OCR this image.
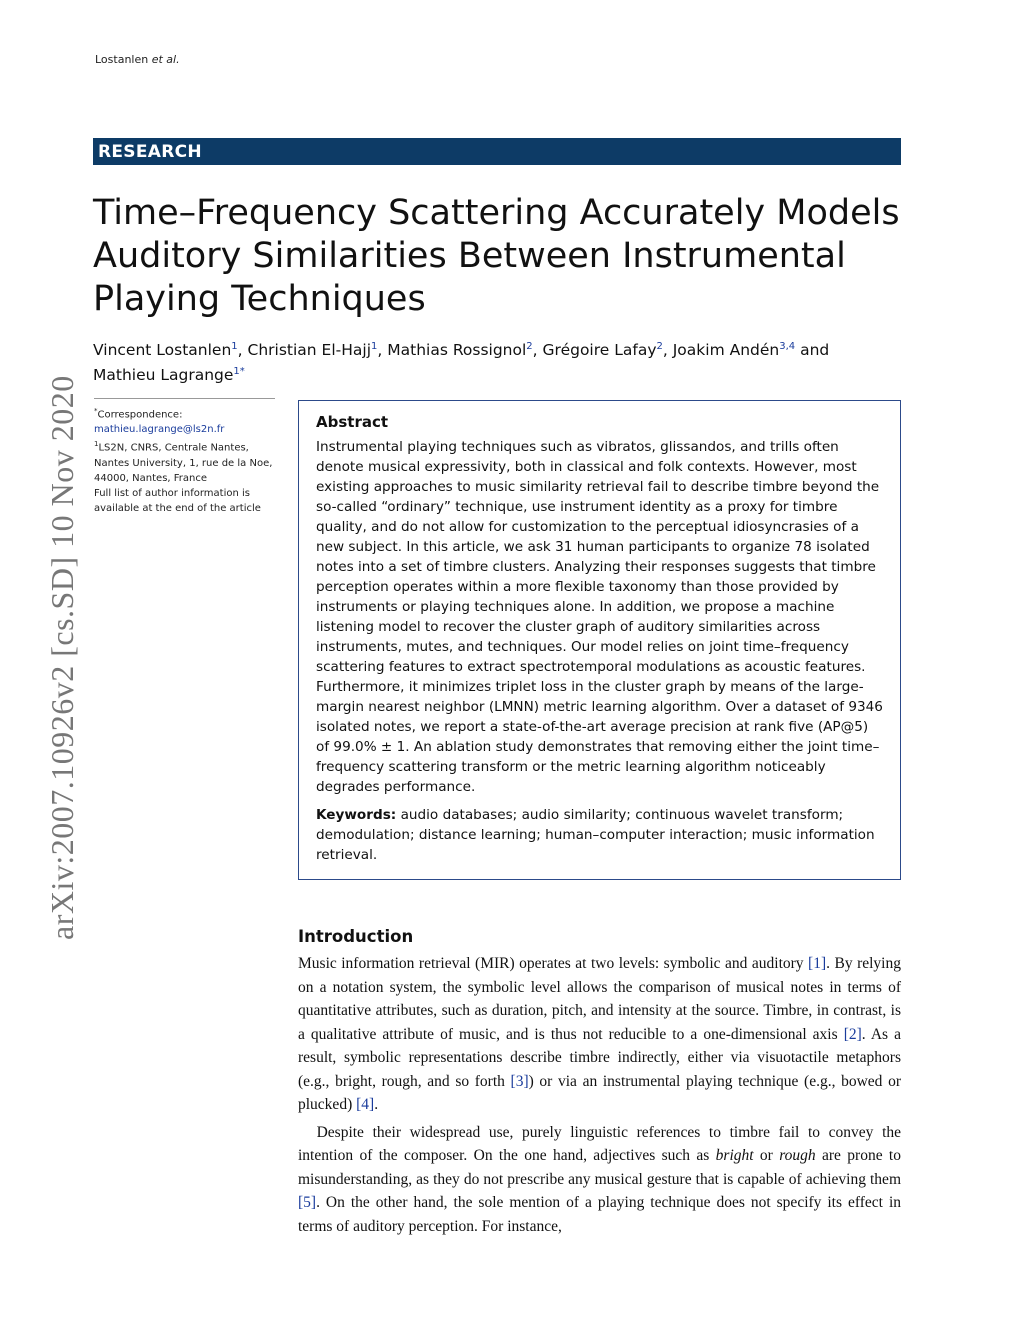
Lostanlen et al.
RESEARCH
Time–Frequency Scattering Accurately Models Auditory Similarities Between Instrumental Playing Techniques
Vincent Lostanlen$^1$, Christian El-Hajj$^1$, Mathias Rossignol$^2$, Grégoire Lafay$^2$, Joakim Andén$^{3,4}$ and
Mathieu Lagrange$^{1*}$
arXiv:2007.10926v2 [cs.SD] 10 Nov 2020 *Correspondence:
mathieu.lagrange@ls2n.fr
$^1$LS2N, CNRS, Centrale Nantes, Nantes University, 1, rue de la Noe, 44000, Nantes, France
Full list of author information is available at the end of the article
Abstract
Instrumental playing techniques such as vibratos, glissandos, and trills often denote musical expressivity, both in classical and folk contexts. However, most existing approaches to music similarity retrieval fail to describe timbre beyond the so-called “ordinary” technique, use instrument identity as a proxy for timbre quality, and do not allow for customization to the perceptual idiosyncrasies of a new subject. In this article, we ask 31 human participants to organize 78 isolated notes into a set of timbre clusters. Analyzing their responses suggests that timbre perception operates within a more flexible taxonomy than those provided by instruments or playing techniques alone. In addition, we propose a machine listening model to recover the cluster graph of auditory similarities across instruments, mutes, and techniques. Our model relies on joint time–frequency scattering features to extract spectrotemporal modulations as acoustic features. Furthermore, it minimizes triplet loss in the cluster graph by means of the large-margin nearest neighbor (LMNN) metric learning algorithm. Over a dataset of 9346 isolated notes, we report a state-of-the-art average precision at rank five (AP@5) of 99.0% ± 1. An ablation study demonstrates that removing either the joint time–frequency scattering transform or the metric learning algorithm noticeably degrades performance.
Keywords: audio databases; audio similarity; continuous wavelet transform; demodulation; distance learning; human–computer interaction; music information retrieval.
Introduction

Music information retrieval (MIR) operates at two levels: symbolic and auditory [1]. By relying on a notation system, the symbolic level allows the comparison of musical notes in terms of quantitative attributes, such as duration, pitch, and intensity at the source. Timbre, in contrast, is a qualitative attribute of music, and is thus not reducible to a one-dimensional axis [2]. As a result, symbolic representations describe timbre indirectly, either via visuotactile metaphors (e.g., bright, rough, and so forth [3]) or via an instrumental playing technique (e.g., bowed or plucked) [4].

Despite their widespread use, purely linguistic references to timbre fail to convey the intention of the composer. On the one hand, adjectives such as bright or rough are prone to misunderstanding, as they do not prescribe any musical gesture that is capable of achieving them [5]. On the other hand, the sole mention of a playing technique does not specify its effect in terms of auditory perception. For instance,
